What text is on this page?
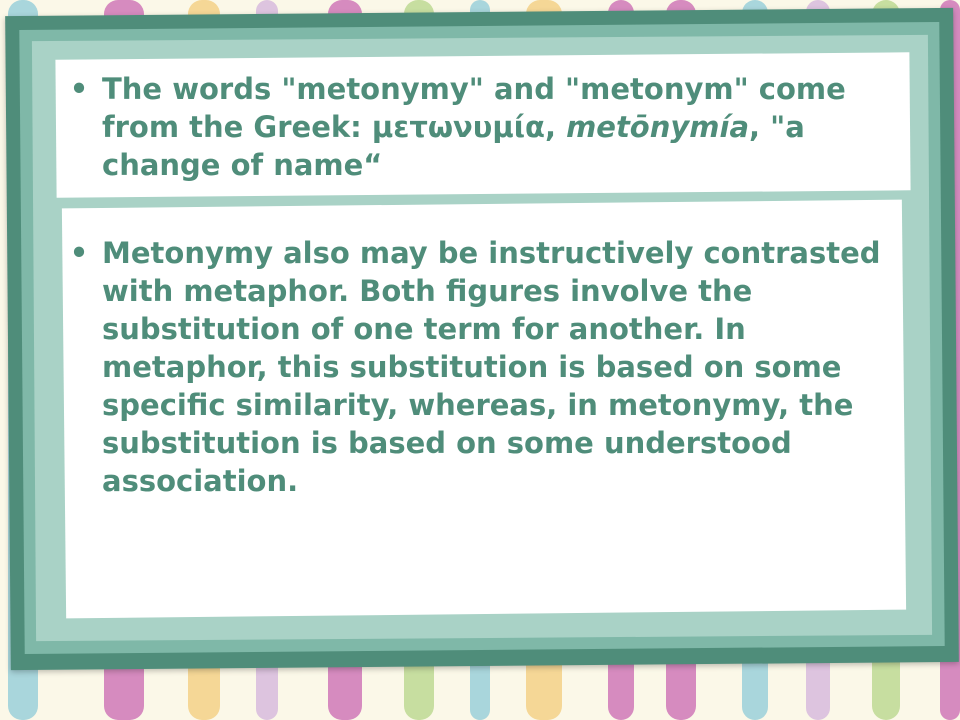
• The words "metonymy" and "metonym" come from the Greek: μετωνυμία, metōnymía, "a change of name“
• Metonymy also may be instructively contrasted with metaphor. Both figures involve the substitution of one term for another. In metaphor, this substitution is based on some specific similarity, whereas, in metonymy, the substitution is based on some understood association.
